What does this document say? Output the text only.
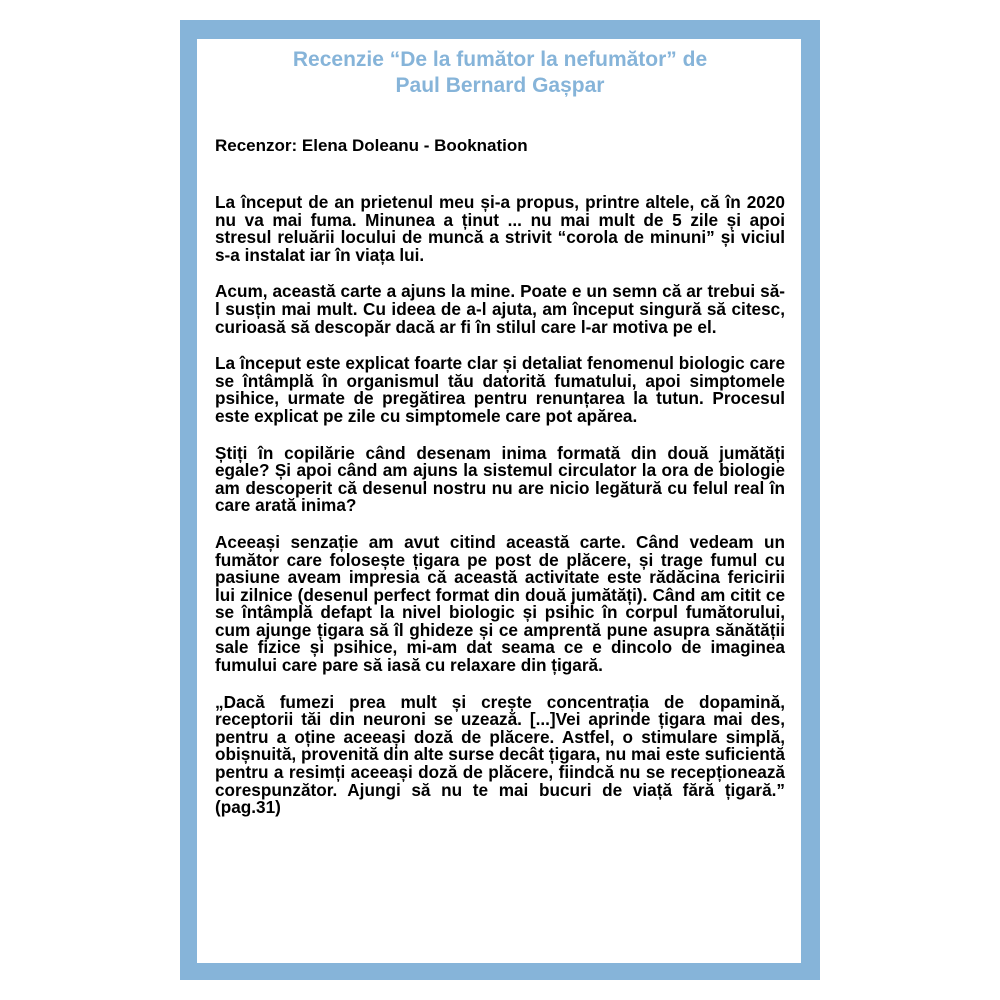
Recenzie “De la fumător la nefumător” de
Paul Bernard Gașpar

Recenzor: Elena Doleanu - Booknation

La început de an prietenul meu și-a propus, printre altele, că în 2020 nu va mai fuma. Minunea a ținut ... nu mai mult de 5 zile și apoi stresul reluării locului de muncă a strivit “corola de minuni” și viciul s-a instalat iar în viața lui.

Acum, această carte a ajuns la mine. Poate e un semn că ar trebui să-l susțin mai mult. Cu ideea de a-l ajuta, am început singură să citesc, curioasă să descopăr dacă ar fi în stilul care l-ar motiva pe el.

La început este explicat foarte clar și detaliat fenomenul biologic care se întâmplă în organismul tău datorită fumatului, apoi simptomele psihice, urmate de pregătirea pentru renunțarea la tutun. Procesul este explicat pe zile cu simptomele care pot apărea.

Știți în copilărie când desenam inima formată din două jumătăți egale? Și apoi când am ajuns la sistemul circulator la ora de biologie am descoperit că desenul nostru nu are nicio legătură cu felul real în care arată inima?

Aceeași senzație am avut citind această carte. Când vedeam un fumător care folosește țigara pe post de plăcere, și trage fumul cu pasiune aveam impresia că această activitate este rădăcina fericirii lui zilnice (desenul perfect format din două jumătăți). Când am citit ce se întâmplă defapt la nivel biologic și psihic în corpul fumătorului, cum ajunge țigara să îl ghideze și ce amprentă pune asupra sănătății sale fizice și psihice, mi-am dat seama ce e dincolo de imaginea fumului care pare să iasă cu relaxare din țigară.

„Dacă fumezi prea mult și crește concentrația de dopamină, receptorii tăi din neuroni se uzează. [...]Vei aprinde țigara mai des, pentru a oține aceeași doză de plăcere. Astfel, o stimulare simplă, obișnuită, provenită din alte surse decât țigara, nu mai este suficientă pentru a resimți aceeași doză de plăcere, fiindcă nu se recepționează corespunzător. Ajungi să nu te mai bucuri de viață fără țigară.” (pag.31)
